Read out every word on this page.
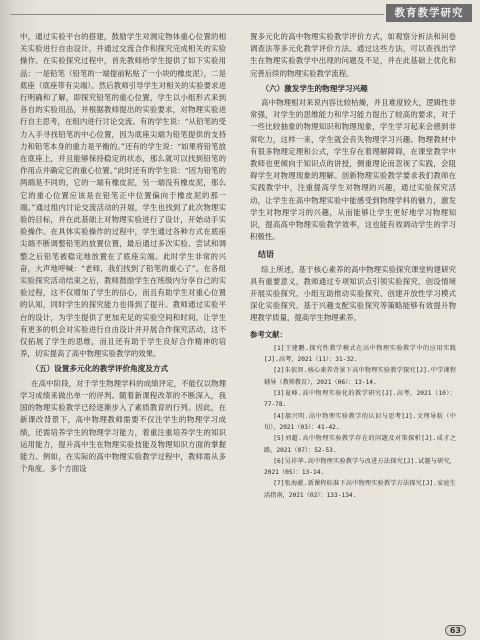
教育教学研究

中，通过实验平台的搭建，鼓励学生对测定物体重心位置的相关实验进行自由设计，并通过交流合作和探究完成相关的实验操作。在实验探究过程中，首先教师给学生提供了如下实验用品：一是铅笔（铅笔的一端提前粘贴了一小块的橡皮泥），二是底座（底座带有尖端）。然后教师引导学生对相关的实验要求进行明确和了解，即探究铅笔的重心位置，学生以小组形式来到各自的实验用品，并根据教师提出的实验要求，对物理实验进行自主思考，在组内进行讨论交流。有的学生说：“从铅笔的受力入手寻找铅笔的中心位置，因为底座尖端为铅笔提供的支持力和铅笔本身的重力是平衡的。”还有的学生说：“如果将铅笔放在底座上，并且能够保持稳定的状态，那么就可以找到铅笔的作用点并确定它的重心位置。”此时还有的学生说：“因为铅笔的两端是不同的，它的一端有橡皮泥，另一端没有橡皮泥，那么它的重心位置应该是在铅笔正中位置偏向于橡皮泥的那一端。”通过组内讨论交流活动的开展，学生也找到了此次物理实验的目标，并在此基础上对物理实验进行了设计，开始动手实验操作。在具体实验操作的过程中，学生通过各种方式在底座尖端不断调整铅笔的放置位置，最后通过多次实验、尝试和调整之后铅笔被稳定地放置在了底座尖端。此时学生非常的兴奋，大声地呼喊：“老师，我们找到了铅笔的重心了”。在各组实验探究活动结束之后，教师鼓励学生在班级内分享自己的实验过程，这不仅增加了学生的信心，而且有助学生对重心位置的认知，同时学生的探究能力也得到了提升。教师通过实验平台的设计，为学生提供了更加充足的实验空间和时间，让学生有更多的机会对实验进行自由设计并开展合作探究活动，这不仅拓展了学生的思维，而且还有助于学生良好合作精神的培养，切实提高了高中物理实验教学的效果。

（五）设置多元化的教学评价角度及方式

在高中阶段，对于学生物理学科的成绩评定，不能仅以物理学习成绩来做出单一的评判。随着新课程改革的不断深入，我国的物理实验教学已经逐渐步入了素质教育的行列。因此，在新课改背景下，高中物理教师需要不仅注学生的物理学习成绩，还需培养学生的物理学习能力，着重注重培养学生的知识运用能力，提升高中生在物理实验技能及物理知识方面的掌握能力。例如，在实际的高中物理实验教学过程中，教师需从多个角度、多个方面设

置多元化的高中物理实验教学评价方式，如观察分析法和问卷调查法等多元化教学评价方法。通过这些方法，可以查找出学生在物理实验教学中出现的问题及不足，并在此基础上优化和完善后续的物理实验教学流程。

（六）激发学生的物理学习兴趣

高中物理相对来说内容比较枯燥，并且难度较大，逻辑性非常强，对学生的思维能力和学习能力提出了较高的要求，对于一些比较抽象的物理知识和物理现象，学生学习起来会感到非常吃力，这样一来，学生就会丧失物理学习兴趣。物理教材中有很多物理定理和公式，学生存在着理解障碍，在课堂教学中教师也更倾向于知识点的讲授，侧重理论而忽视了实践，会阻碍学生对物理现象的理解。创新物理实验教学要求我们教师在实践教学中，注重提高学生对物理的兴趣，通过实验探究活动，让学生在高中物理实验中能感受到物理学科的魅力，激发学生对物理学习的兴趣，从而能够让学生更好地学习物理知识，提高高中物理实验教学效率，这也能有效调动学生的学习积极性。

结语

综上所述，基于核心素养的高中物理实验探究课堂构建研究具有重要意义，教师通过专项知识点引领实验探究、创设情境开展实验探究、小组互助推动实验探究、创建开放性学习模式深化实验探究、基于兴趣支配实验探究等策略能够有效提升物理教学质量，提高学生物理素养。

参考文献：

[1]王建鹏.探究性教学模式在高中物理实验教学中的应用实践[J].高考，2021（11）：31-32.

[2]朱依智.核心素养背景下高中物理实验教学探究[J].中学课程辅导（教师教育），2021（06）：13-14.

[3]夏峰.高中物理实验化的教学研究[J].高考，2021（10）：77-78.

[4]郝兴明.高中物理实验教学的认识与思考[J].文理导航（中旬），2021（03）：41-42.

[5]刘超.高中物理实验教学存在的问题及对策探析[J].成才之路，2021（07）：52-53.

[6]吴祥华.高中物理实验教学与改进方法探究[J].试题与研究，2021（05）：13-14.

[7]张海献.新课程标准下高中物理实验教学方法探究[J].家庭生活指南，2021（02）：133-134.

63
